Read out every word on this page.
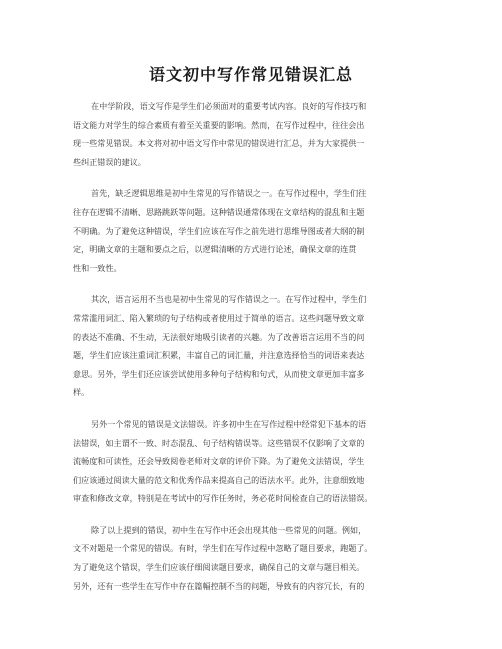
语文初中写作常见错误汇总

在中学阶段，语文写作是学生们必须面对的重要考试内容。良好的写作技巧和
语文能力对学生的综合素质有着至关重要的影响。然而，在写作过程中，往往会出
现一些常见错误。本文将对初中语文写作中常见的错误进行汇总，并为大家提供一
些纠正错误的建议。

首先，缺乏逻辑思维是初中生常见的写作错误之一。在写作过程中，学生们往
往存在逻辑不清晰、思路跳跃等问题。这种错误通常体现在文章结构的混乱和主题
不明确。为了避免这种错误，学生们应该在写作之前先进行思维导图或者大纲的制
定，明确文章的主题和要点之后，以逻辑清晰的方式进行论述，确保文章的连贯
性和一致性。

其次，语言运用不当也是初中生常见的写作错误之一。在写作过程中，学生们
常常滥用词汇、陷入繁琐的句子结构或者使用过于简单的语言。这些问题导致文章
的表达不准确、不生动，无法很好地吸引读者的兴趣。为了改善语言运用不当的问
题，学生们应该注重词汇积累，丰富自己的词汇量，并注意选择恰当的词语来表达
意思。另外，学生们还应该尝试使用多种句子结构和句式，从而使文章更加丰富多
样。

另外一个常见的错误是文法错误。许多初中生在写作过程中经常犯下基本的语
法错误，如主谓不一致、时态混乱、句子结构错误等。这些错误不仅影响了文章的
流畅度和可读性，还会导致阅卷老师对文章的评价下降。为了避免文法错误，学生
们应该通过阅读大量的范文和优秀作品来提高自己的语法水平。此外，注意细致地
审查和修改文章，特别是在考试中的写作任务时，务必花时间检查自己的语法错误。

除了以上提到的错误，初中生在写作中还会出现其他一些常见的问题。例如，
文不对题是一个常见的错误。有时，学生们在写作过程中忽略了题目要求，跑题了。
为了避免这个错误，学生们应该仔细阅读题目要求，确保自己的文章与题目相关。
另外，还有一些学生在写作中存在篇幅控制不当的问题，导致有的内容冗长，有的
